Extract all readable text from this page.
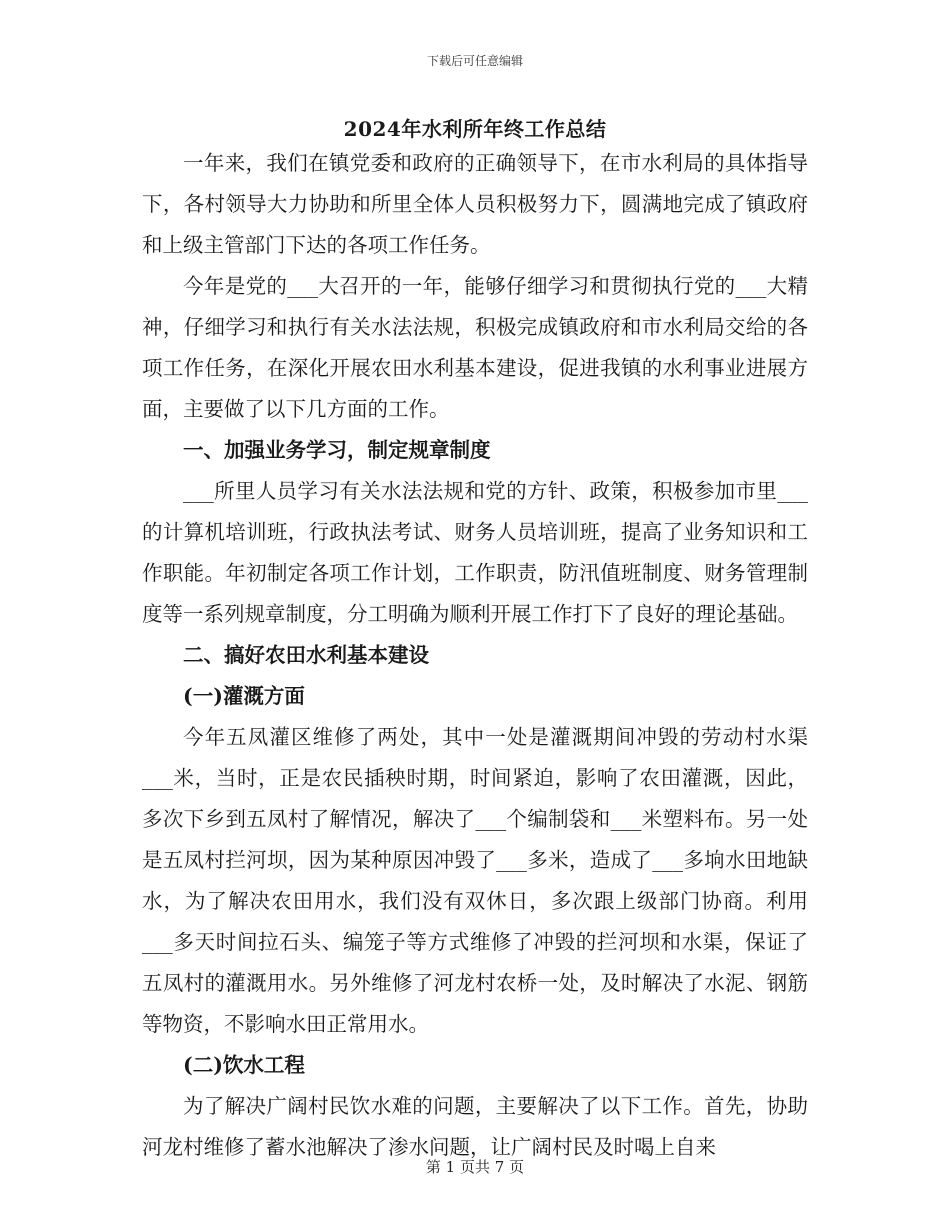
下载后可任意编辑
2024年水利所年终工作总结

一年来，我们在镇党委和政府的正确领导下，在市水利局的具体指导下，各村领导大力协助和所里全体人员积极努力下，圆满地完成了镇政府和上级主管部门下达的各项工作任务。

今年是党的___大召开的一年，能够仔细学习和贯彻执行党的___大精神，仔细学习和执行有关水法法规，积极完成镇政府和市水利局交给的各项工作任务，在深化开展农田水利基本建设，促进我镇的水利事业进展方面，主要做了以下几方面的工作。

一、加强业务学习，制定规章制度

___所里人员学习有关水法法规和党的方针、政策，积极参加市里___的计算机培训班，行政执法考试、财务人员培训班，提高了业务知识和工作职能。年初制定各项工作计划，工作职责，防汛值班制度、财务管理制度等一系列规章制度，分工明确为顺利开展工作打下了良好的理论基础。

二、搞好农田水利基本建设

(一)灌溉方面

今年五凤灌区维修了两处，其中一处是灌溉期间冲毁的劳动村水渠___米，当时，正是农民插秧时期，时间紧迫，影响了农田灌溉，因此，多次下乡到五凤村了解情况，解决了___个编制袋和___米塑料布。另一处是五凤村拦河坝，因为某种原因冲毁了___多米，造成了___多垧水田地缺水，为了解决农田用水，我们没有双休日，多次跟上级部门协商。利用___多天时间拉石头、编笼子等方式维修了冲毁的拦河坝和水渠，保证了五凤村的灌溉用水。另外维修了河龙村农桥一处，及时解决了水泥、钢筋等物资，不影响水田正常用水。

(二)饮水工程

为了解决广阔村民饮水难的问题，主要解决了以下工作。首先，协助河龙村维修了蓄水池解决了渗水问题，让广阔村民及时喝上自来

第 1 页共 7 页
